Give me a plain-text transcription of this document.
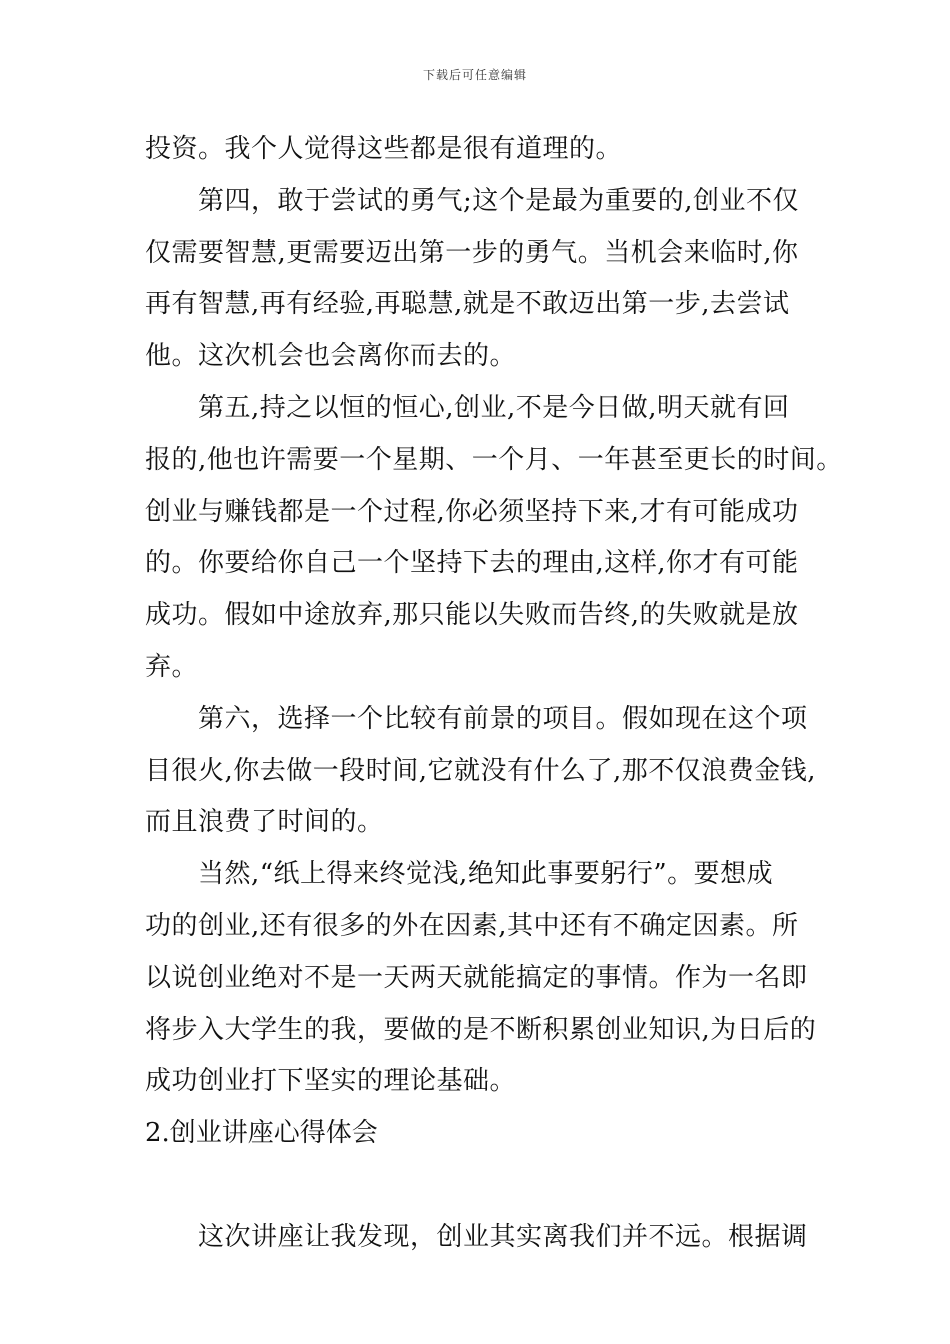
下载后可任意编辑
投资。我个人觉得这些都是很有道理的。
第四，敢于尝试的勇气;这个是最为重要的,创业不仅
仅需要智慧,更需要迈出第一步的勇气。当机会来临时,你
再有智慧,再有经验,再聪慧,就是不敢迈出第一步,去尝试
他。这次机会也会离你而去的。
第五,持之以恒的恒心,创业,不是今日做,明天就有回
报的,他也许需要一个星期、一个月、一年甚至更长的时间。
创业与赚钱都是一个过程,你必须坚持下来,才有可能成功
的。你要给你自己一个坚持下去的理由,这样,你才有可能
成功。假如中途放弃,那只能以失败而告终,的失败就是放
弃。
第六，选择一个比较有前景的项目。假如现在这个项
目很火,你去做一段时间,它就没有什么了,那不仅浪费金钱,
而且浪费了时间的。
当然,“纸上得来终觉浅,绝知此事要躬行”。要想成
功的创业,还有很多的外在因素,其中还有不确定因素。所
以说创业绝对不是一天两天就能搞定的事情。作为一名即
将步入大学生的我，要做的是不断积累创业知识,为日后的
成功创业打下坚实的理论基础。
2.创业讲座心得体会
这次讲座让我发现，创业其实离我们并不远。根据调
